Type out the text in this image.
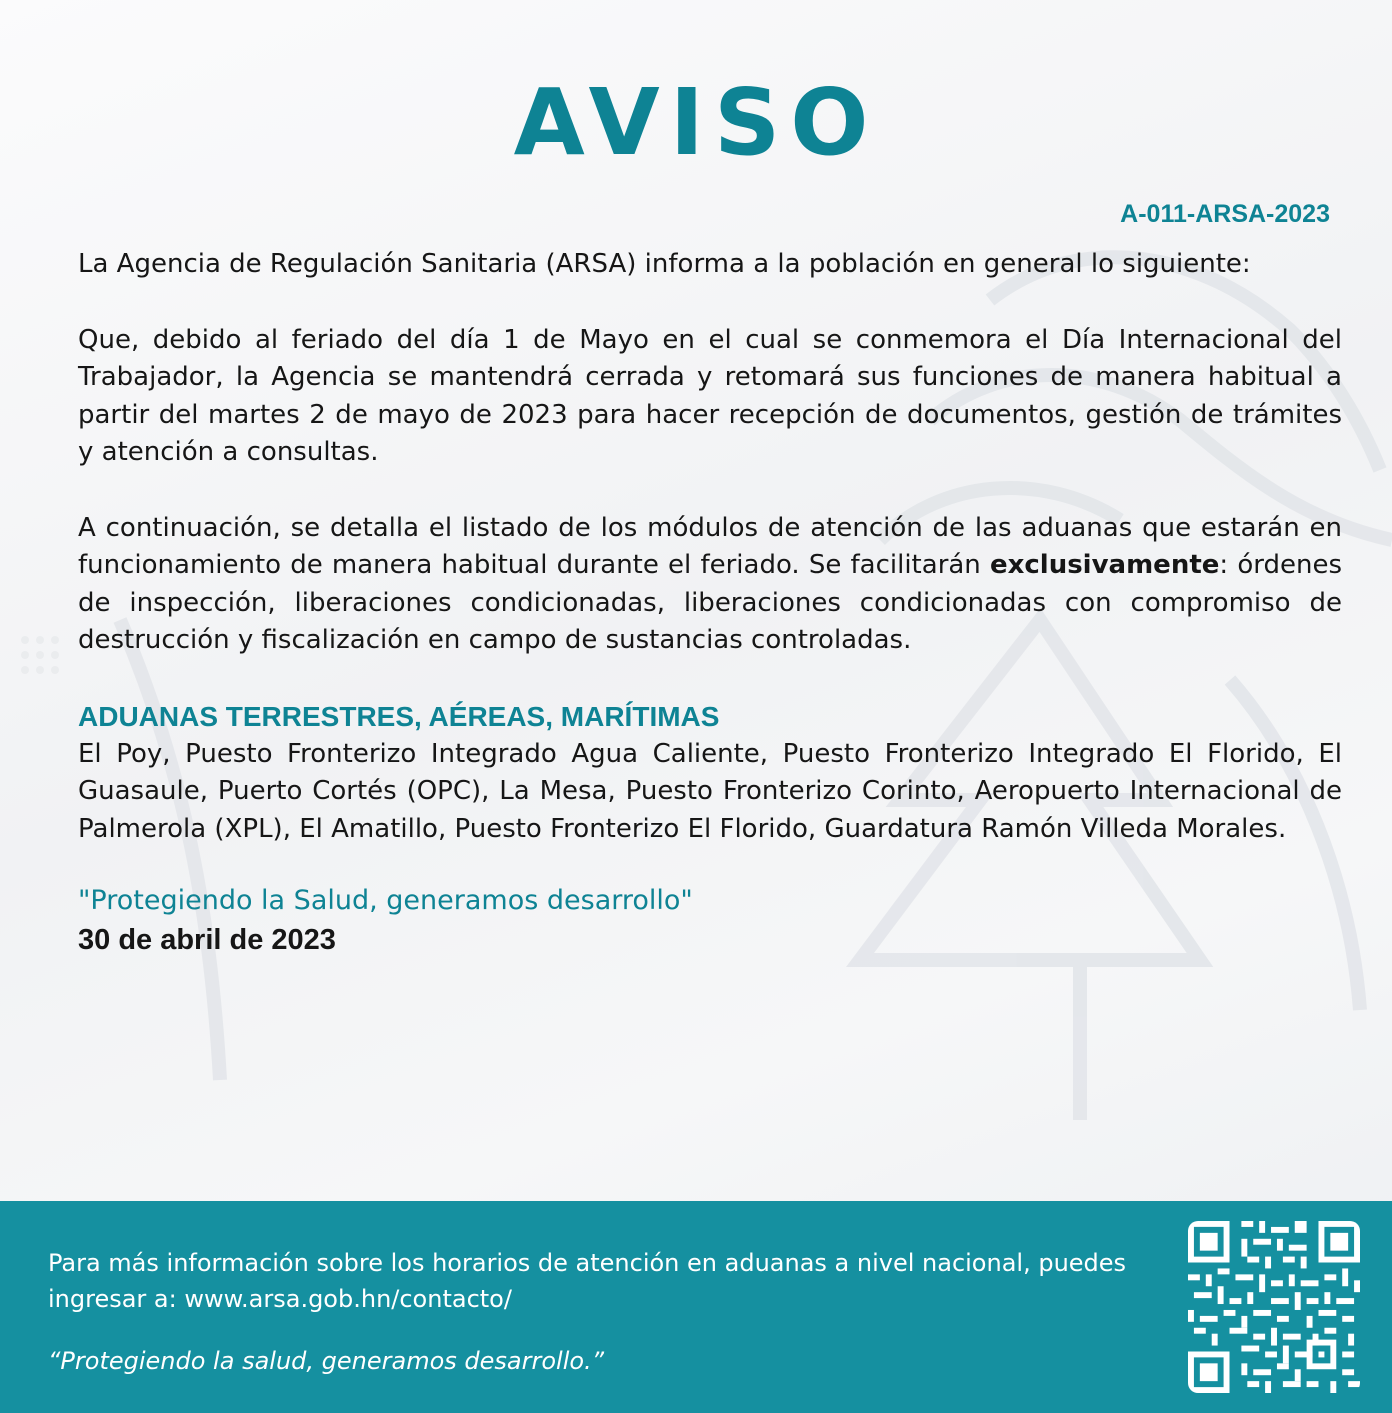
AVISO
A-011-ARSA-2023

La Agencia de Regulación Sanitaria (ARSA) informa a la población en general lo siguiente:

Que, debido al feriado del día 1 de Mayo en el cual se conmemora el Día Internacional del Trabajador, la Agencia se mantendrá cerrada y retomará sus funciones de manera habitual a partir del martes 2 de mayo de 2023 para hacer recepción de documentos, gestión de trámites y atención a consultas.

A continuación, se detalla el listado de los módulos de atención de las aduanas que estarán en funcionamiento de manera habitual durante el feriado. Se facilitarán exclusivamente: órdenes de inspección, liberaciones condicionadas, liberaciones condicionadas con compromiso de destrucción y fiscalización en campo de sustancias controladas.

ADUANAS TERRESTRES, AÉREAS, MARÍTIMAS

El Poy, Puesto Fronterizo Integrado Agua Caliente, Puesto Fronterizo Integrado El Florido, El Guasaule, Puerto Cortés (OPC), La Mesa, Puesto Fronterizo Corinto, Aeropuerto Internacional de Palmerola (XPL), El Amatillo, Puesto Fronterizo El Florido, Guardatura Ramón Villeda Morales.

"Protegiendo la Salud, generamos desarrollo"
30 de abril de 2023
Para más información sobre los horarios de atención en aduanas a nivel nacional, puedes ingresar a: www.arsa.gob.hn/contacto/
“Protegiendo la salud, generamos desarrollo.”
